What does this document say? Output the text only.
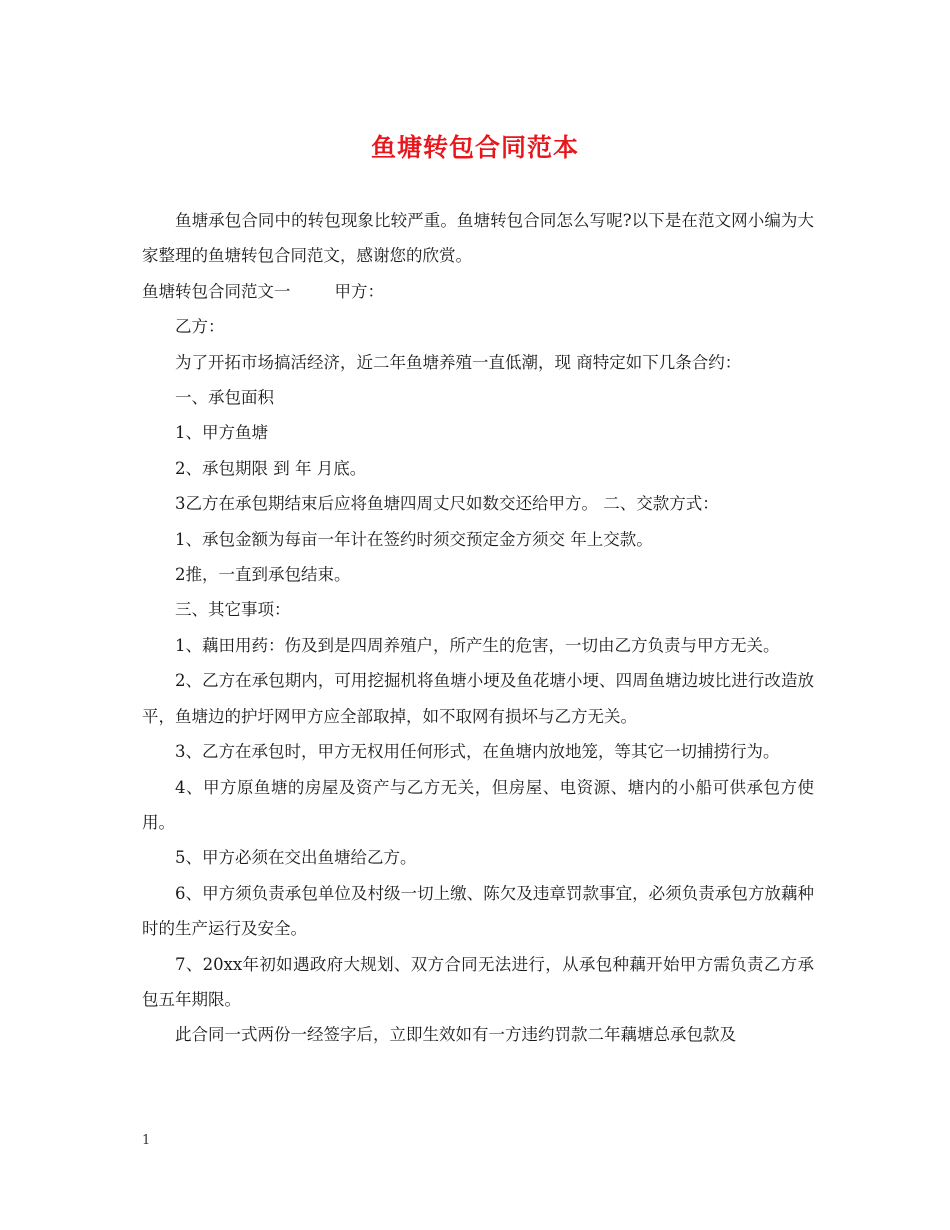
鱼塘转包合同范本

鱼塘承包合同中的转包现象比较严重。鱼塘转包合同怎么写呢?以下是在范文网小编为大家整理的鱼塘转包合同范文，感谢您的欣赏。

鱼塘转包合同范文一	甲方：

乙方：

为了开拓市场搞活经济，近二年鱼塘养殖一直低潮，现 商特定如下几条合约：

一、承包面积

1、甲方鱼塘

2、承包期限 到 年 月底。

3乙方在承包期结束后应将鱼塘四周丈尺如数交还给甲方。 二、交款方式：

1、承包金额为每亩一年计在签约时须交预定金方须交 年上交款。

2推，一直到承包结束。

三、其它事项：

1、藕田用药：伤及到是四周养殖户，所产生的危害，一切由乙方负责与甲方无关。

2、乙方在承包期内，可用挖掘机将鱼塘小埂及鱼花塘小埂、四周鱼塘边坡比进行改造放平，鱼塘边的护圩网甲方应全部取掉，如不取网有损坏与乙方无关。

3、乙方在承包时，甲方无权用任何形式，在鱼塘内放地笼，等其它一切捕捞行为。

4、甲方原鱼塘的房屋及资产与乙方无关，但房屋、电资源、塘内的小船可供承包方使用。

5、甲方必须在交出鱼塘给乙方。

6、甲方须负责承包单位及村级一切上缴、陈欠及违章罚款事宜，必须负责承包方放藕种时的生产运行及安全。

7、20xx年初如遇政府大规划、双方合同无法进行，从承包种藕开始甲方需负责乙方承包五年期限。

此合同一式两份一经签字后，立即生效如有一方违约罚款二年藕塘总承包款及

1
